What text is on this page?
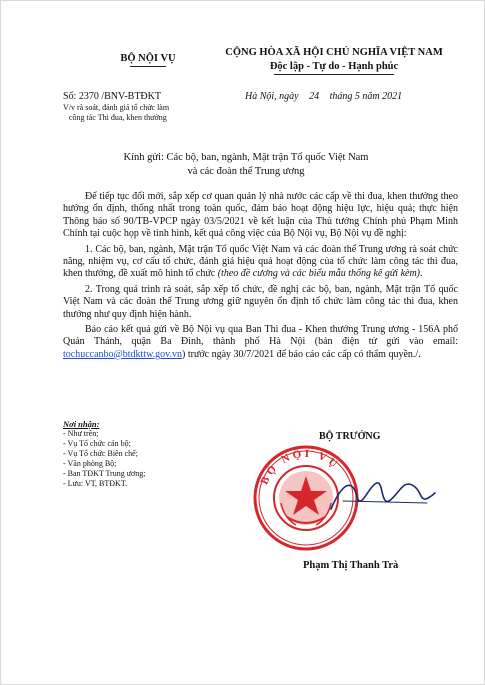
BỘ NỘI VỤ
CỘNG HÒA XÃ HỘI CHỦ NGHĨA VIỆT NAM
Độc lập - Tự do - Hạnh phúc
Số: 2370 /BNV-BTĐKT
V/v rà soát, đánh giá tổ chức làm
công tác Thi đua, khen thưởng
Hà Nội, ngày 24 tháng 5 năm 2021
Kính gửi: Các bộ, ban, ngành, Mặt trận Tổ quốc Việt Nam
và các đoàn thể Trung ương

Để tiếp tục đổi mới, sắp xếp cơ quan quản lý nhà nước các cấp về thi đua, khen thưởng theo hướng ổn định, thống nhất trong toàn quốc, đảm bảo hoạt động hiệu lực, hiệu quả; thực hiện Thông báo số 90/TB-VPCP ngày 03/5/2021 về kết luận của Thủ tướng Chính phủ Phạm Minh Chính tại cuộc họp về tình hình, kết quả công việc của Bộ Nội vụ, Bộ Nội vụ đề nghị:

1. Các bộ, ban, ngành, Mặt trận Tổ quốc Việt Nam và các đoàn thể Trung ương rà soát chức năng, nhiệm vụ, cơ cấu tổ chức, đánh giá hiệu quả hoạt động của tổ chức làm công tác thi đua, khen thưởng, đề xuất mô hình tổ chức (theo đề cương và các biểu mẫu thống kê gửi kèm).

2. Trong quá trình rà soát, sắp xếp tổ chức, đề nghị các bộ, ban, ngành, Mặt trận Tổ quốc Việt Nam và các đoàn thể Trung ương giữ nguyên ổn định tổ chức làm công tác thi đua, khen thưởng như quy định hiện hành.

Báo cáo kết quả gửi về Bộ Nội vụ qua Ban Thi đua - Khen thưởng Trung ương - 156A phố Quán Thánh, quận Ba Đình, thành phố Hà Nội (bản điện tử gửi vào email: tochuccanbo@btdkttw.gov.vn) trước ngày 30/7/2021 để báo cáo các cấp có thẩm quyền./.

Nơi nhận:
- Như trên;
- Vụ Tổ chức cán bộ;
- Vụ Tổ chức Biên chế;
- Văn phòng Bộ;
- Ban TĐKT Trung ương;
- Lưu: VT, BTĐKT.
BỘ TRƯỞNG
BỘ NỘI VỤ
Phạm Thị Thanh Trà
